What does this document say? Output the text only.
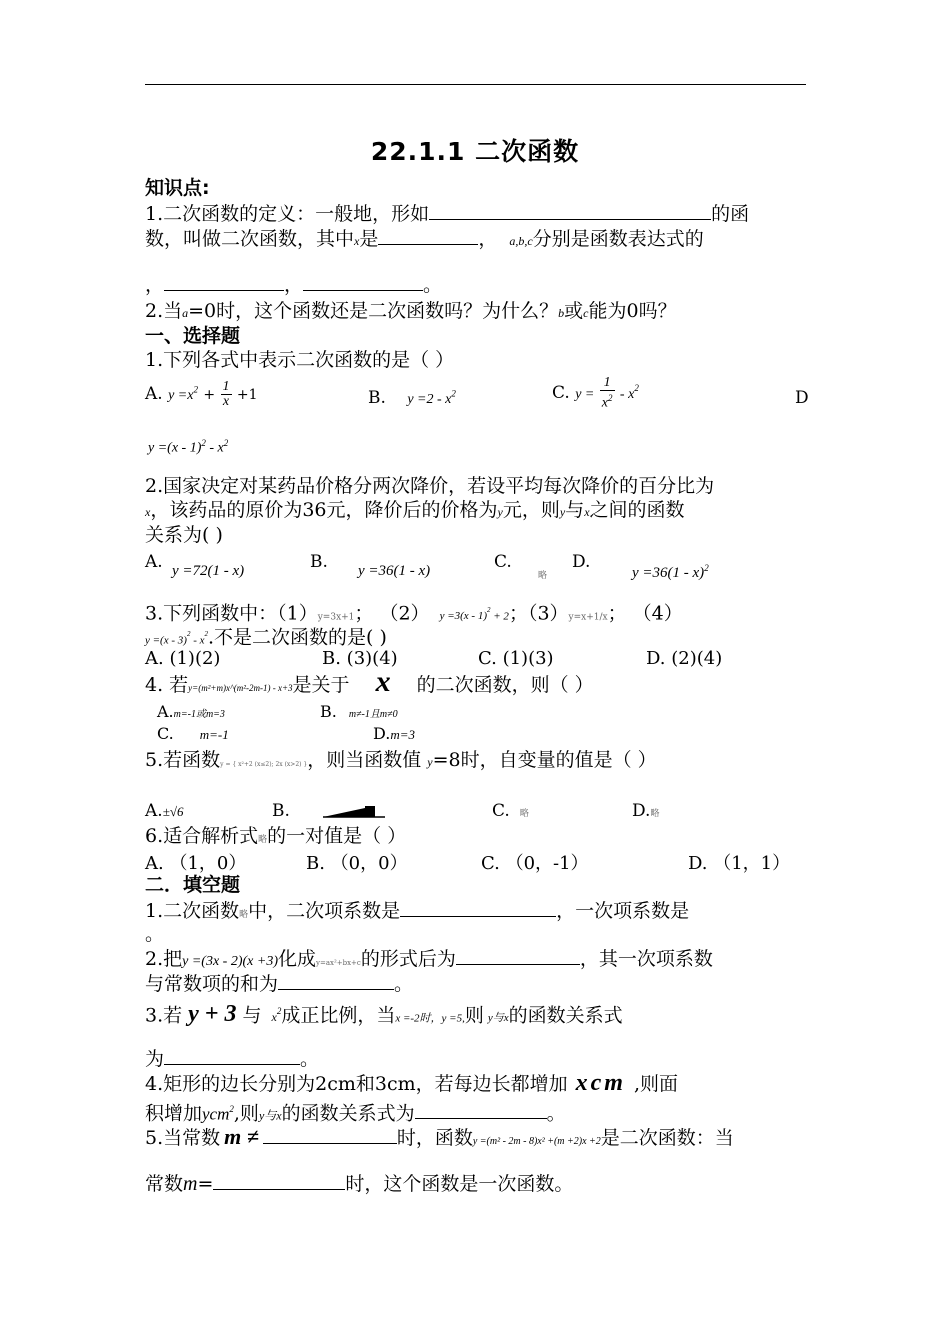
22.1.1 二次函数
知识点:
1.二次函数的定义：一般地，形如	的函
数，叫做二次函数，其中x是	， a,b,c分别是函数表达式的
，	，	。
2.当a=0时，这个函数还是二次函数吗？为什么？b或c能为0吗？
一、选择题
1.下列各式中表示二次函数的是（ ）
A. $y =x^2 + \frac{1}{x} +1$	B. $y =2 - x^2$	C. $y = \frac{1}{x^2} - x^2$	D
$y =(x - 1)^2 - x^2$
2.国家决定对某药品价格分两次降价，若设平均每次降价的百分比为
x，该药品的原价为36元，降价后的价格为y元，则y与x之间的函数
关系为( )
A. y =72(1 - x)	B. y =36(1 - x)	C.
略
D.
y =36(1 - x)$^2$
3.下列函数中：（1）y=3x+1； （2） y =3(x - 1)$^2$ + 2；（3）y=x+1/x； （4）
$y =(x - 3)^2 - x^2$.不是二次函数的是( )
A. (1)(2)	B. (3)(4)	C. (1)(3)	D. (2)(4)
4. 若y=(m²+m)x^(m²-2m-1) - x+3是关于 x 的二次函数，则（ ）
A.m=-1或m=3	B. m≠-1且m≠0
C. m=-1	D.m=3
5.若函数y = { x²+2 (x≤2); 2x (x>2) }，则当函数值 y=8时，自变量的值是（ ）
A.±√6	B.	C. 略	D.略
6.适合解析式略的一对值是（ ）
A. （1，0）	B. （0，0）	C. （0，-1）	D. （1，1）
二．填空题
1.二次函数略中，二次项系数是	，一次项系数是
。
2.把y =(3x - 2)(x +3)化成y=ax²+bx+c的形式后为	，其一次项系数
与常数项的和为	。
3.若 y + 3 与 $x^2$成正比例，当x =-2时，y =5,则 y与x的函数关系式
为	。
4.矩形的边长分别为2cm和3cm，若每边长都增加 xcm ,则面
积增加ycm$^2$,则y与x的函数关系式为	。
5.当常数 m ≠	时，函数y =(m² - 2m - 8)x² +(m +2)x +2是二次函数：当
常数m=	时，这个函数是一次函数。
